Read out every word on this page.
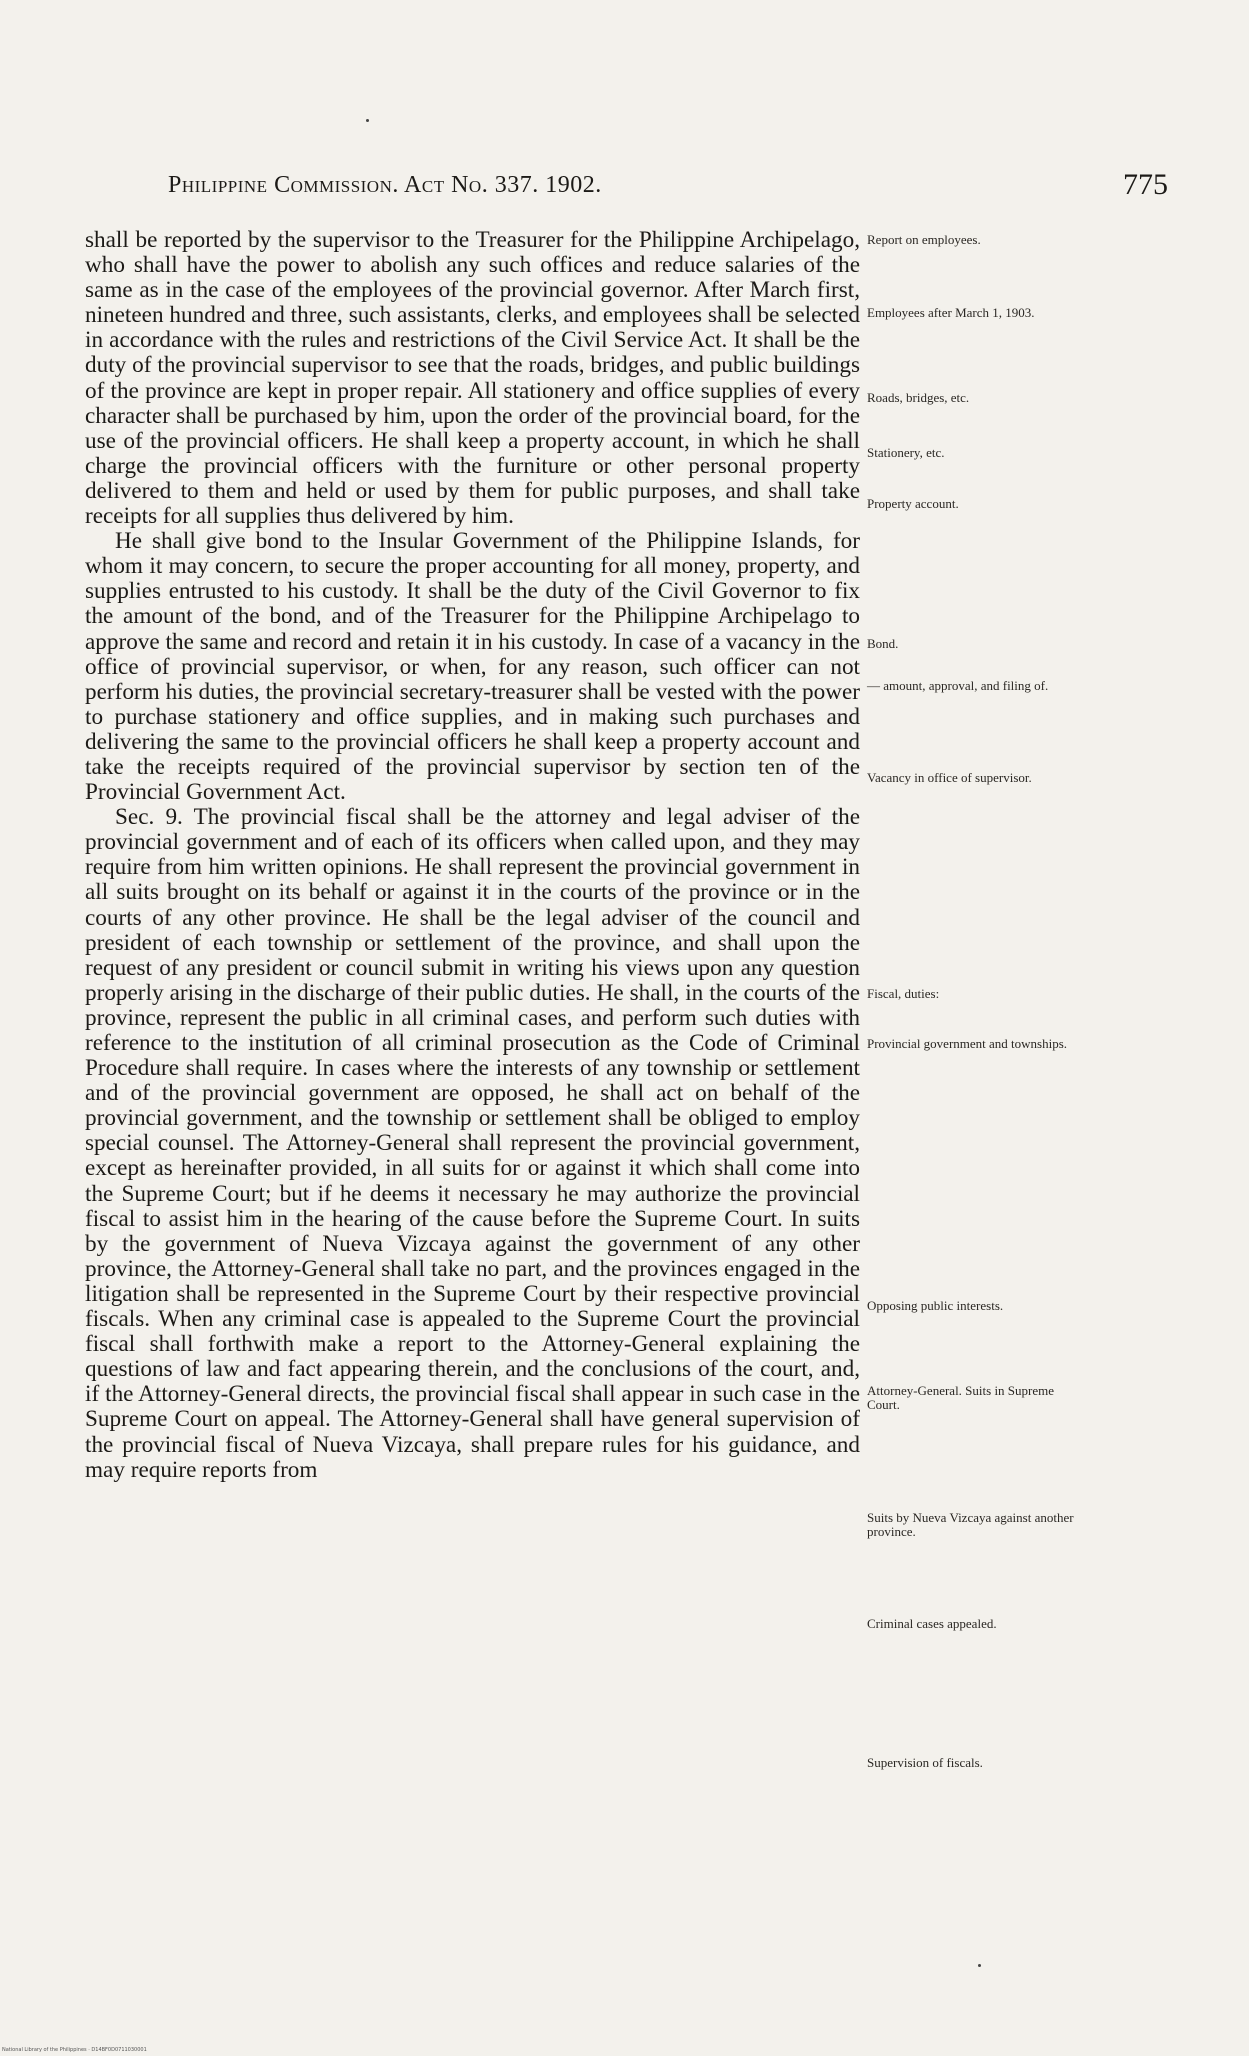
Philippine Commission. Act No. 337. 1902.	775

shall be reported by the supervisor to the Treasurer for the Philippine Archipelago, who shall have the power to abolish any such offices and reduce salaries of the same as in the case of the employees of the provincial governor. After March first, nineteen hundred and three, such assistants, clerks, and employees shall be selected in accordance with the rules and restrictions of the Civil Service Act. It shall be the duty of the provincial supervisor to see that the roads, bridges, and public buildings of the province are kept in proper repair. All stationery and office supplies of every character shall be purchased by him, upon the order of the provincial board, for the use of the provincial officers. He shall keep a property account, in which he shall charge the provincial officers with the furniture or other personal property delivered to them and held or used by them for public purposes, and shall take receipts for all supplies thus delivered by him.

He shall give bond to the Insular Government of the Philippine Islands, for whom it may concern, to secure the proper accounting for all money, property, and supplies entrusted to his custody. It shall be the duty of the Civil Governor to fix the amount of the bond, and of the Treasurer for the Philippine Archipelago to approve the same and record and retain it in his custody. In case of a vacancy in the office of provincial supervisor, or when, for any reason, such officer can not perform his duties, the provincial secretary-treasurer shall be vested with the power to purchase stationery and office supplies, and in making such purchases and delivering the same to the provincial officers he shall keep a property account and take the receipts required of the provincial supervisor by section ten of the Provincial Government Act.

Sec. 9. The provincial fiscal shall be the attorney and legal adviser of the provincial government and of each of its officers when called upon, and they may require from him written opinions. He shall represent the provincial government in all suits brought on its behalf or against it in the courts of the province or in the courts of any other province. He shall be the legal adviser of the council and president of each township or settlement of the province, and shall upon the request of any president or council submit in writing his views upon any question properly arising in the discharge of their public duties. He shall, in the courts of the province, represent the public in all criminal cases, and perform such duties with reference to the institution of all criminal prosecution as the Code of Criminal Procedure shall require. In cases where the interests of any township or settlement and of the provincial government are opposed, he shall act on behalf of the provincial government, and the township or settlement shall be obliged to employ special counsel. The Attorney-General shall represent the provincial government, except as hereinafter provided, in all suits for or against it which shall come into the Supreme Court; but if he deems it necessary he may authorize the provincial fiscal to assist him in the hearing of the cause before the Supreme Court. In suits by the government of Nueva Vizcaya against the government of any other province, the Attorney-General shall take no part, and the provinces engaged in the litigation shall be represented in the Supreme Court by their respective provincial fiscals. When any criminal case is appealed to the Supreme Court the provincial fiscal shall forthwith make a report to the Attorney-General explaining the questions of law and fact appearing therein, and the conclusions of the court, and, if the Attorney-General directs, the provincial fiscal shall appear in such case in the Supreme Court on appeal. The Attorney-General shall have general supervision of the provincial fiscal of Nueva Vizcaya, shall prepare rules for his guidance, and may require reports from

Report on employees.
Employees after March 1, 1903.
Roads, bridges, etc.
Stationery, etc.
Property account.
Bond.
— amount, approval, and filing of.
Vacancy in office of supervisor.
Fiscal, duties:
Provincial government and townships.
Opposing public interests.
Attorney-General. Suits in Supreme Court.
Suits by Nueva Vizcaya against another province.
Criminal cases appealed.
Supervision of fiscals.
National Library of the Philippines · D14BF0D0711030001
